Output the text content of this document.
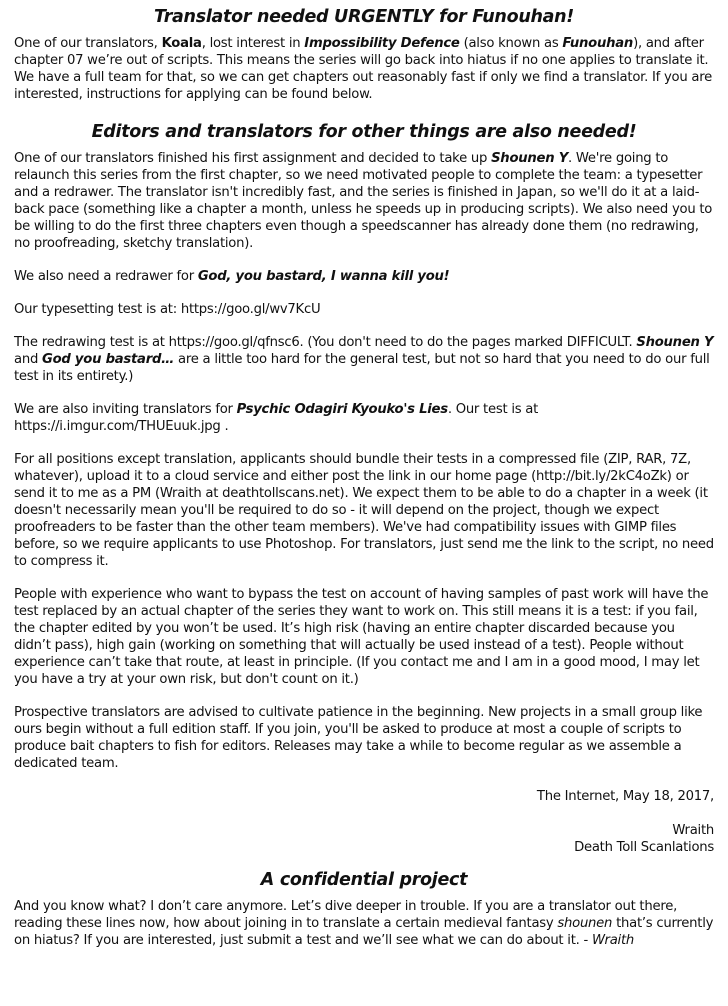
Translator needed URGENTLY for Funouhan!

One of our translators, Koala, lost interest in Impossibility Defence (also known as Funouhan), and after chapter 07 we’re out of scripts. This means the series will go back into hiatus if no one applies to translate it. We have a full team for that, so we can get chapters out reasonably fast if only we find a translator. If you are interested, instructions for applying can be found below.

Editors and translators for other things are also needed!

One of our translators finished his first assignment and decided to take up Shounen Y. We're going to relaunch this series from the first chapter, so we need motivated people to complete the team: a typesetter and a redrawer. The translator isn't incredibly fast, and the series is finished in Japan, so we'll do it at a laid-back pace (something like a chapter a month, unless he speeds up in producing scripts). We also need you to be willing to do the first three chapters even though a speedscanner has already done them (no redrawing, no proofreading, sketchy translation).

We also need a redrawer for God, you bastard, I wanna kill you!

Our typesetting test is at: https://goo.gl/wv7KcU

The redrawing test is at https://goo.gl/qfnsc6. (You don't need to do the pages marked DIFFICULT. Shounen Y and God you bastard… are a little too hard for the general test, but not so hard that you need to do our full test in its entirety.)

We are also inviting translators for Psychic Odagiri Kyouko's Lies. Our test is at https://i.imgur.com/THUEuuk.jpg .

For all positions except translation, applicants should bundle their tests in a compressed file (ZIP, RAR, 7Z, whatever), upload it to a cloud service and either post the link in our home page (http://bit.ly/2kC4oZk) or send it to me as a PM (Wraith at deathtollscans.net). We expect them to be able to do a chapter in a week (it doesn't necessarily mean you'll be required to do so - it will depend on the project, though we expect proofreaders to be faster than the other team members). We've had compatibility issues with GIMP files before, so we require applicants to use Photoshop. For translators, just send me the link to the script, no need to compress it.

People with experience who want to bypass the test on account of having samples of past work will have the test replaced by an actual chapter of the series they want to work on. This still means it is a test: if you fail, the chapter edited by you won’t be used. It’s high risk (having an entire chapter discarded because you didn’t pass), high gain (working on something that will actually be used instead of a test). People without experience can’t take that route, at least in principle. (If you contact me and I am in a good mood, I may let you have a try at your own risk, but don't count on it.)

Prospective translators are advised to cultivate patience in the beginning. New projects in a small group like ours begin without a full edition staff. If you join, you'll be asked to produce at most a couple of scripts to produce bait chapters to fish for editors. Releases may take a while to become regular as we assemble a dedicated team.

The Internet, May 18, 2017,

Wraith

Death Toll Scanlations

A confidential project

And you know what? I don’t care anymore. Let’s dive deeper in trouble. If you are a translator out there, reading these lines now, how about joining in to translate a certain medieval fantasy shounen that’s currently on hiatus? If you are interested, just submit a test and we’ll see what we can do about it. - Wraith
